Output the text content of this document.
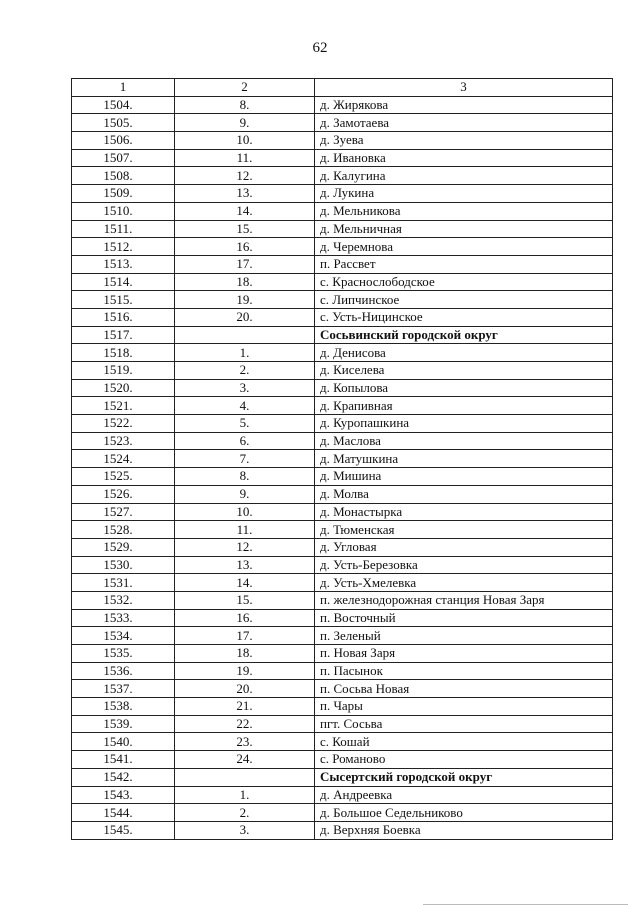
62
1	2	3
1504.	8.	д. Жирякова
1505.	9.	д. Замотаева
1506.	10.	д. Зуева
1507.	11.	д. Ивановка
1508.	12.	д. Калугина
1509.	13.	д. Лукина
1510.	14.	д. Мельникова
1511.	15.	д. Мельничная
1512.	16.	д. Черемнова
1513.	17.	п. Рассвет
1514.	18.	с. Краснослободское
1515.	19.	с. Липчинское
1516.	20.	с. Усть-Ницинское
1517.		Сосьвинский городской округ
1518.	1.	д. Денисова
1519.	2.	д. Киселева
1520.	3.	д. Копылова
1521.	4.	д. Крапивная
1522.	5.	д. Куропашкина
1523.	6.	д. Маслова
1524.	7.	д. Матушкина
1525.	8.	д. Мишина
1526.	9.	д. Молва
1527.	10.	д. Монастырка
1528.	11.	д. Тюменская
1529.	12.	д. Угловая
1530.	13.	д. Усть-Березовка
1531.	14.	д. Усть-Хмелевка
1532.	15.	п. железнодорожная станция Новая Заря
1533.	16.	п. Восточный
1534.	17.	п. Зеленый
1535.	18.	п. Новая Заря
1536.	19.	п. Пасынок
1537.	20.	п. Сосьва Новая
1538.	21.	п. Чары
1539.	22.	пгт. Сосьва
1540.	23.	с. Кошай
1541.	24.	с. Романово
1542.		Сысертский городской округ
1543.	1.	д. Андреевка
1544.	2.	д. Большое Седельниково
1545.	3.	д. Верхняя Боевка
